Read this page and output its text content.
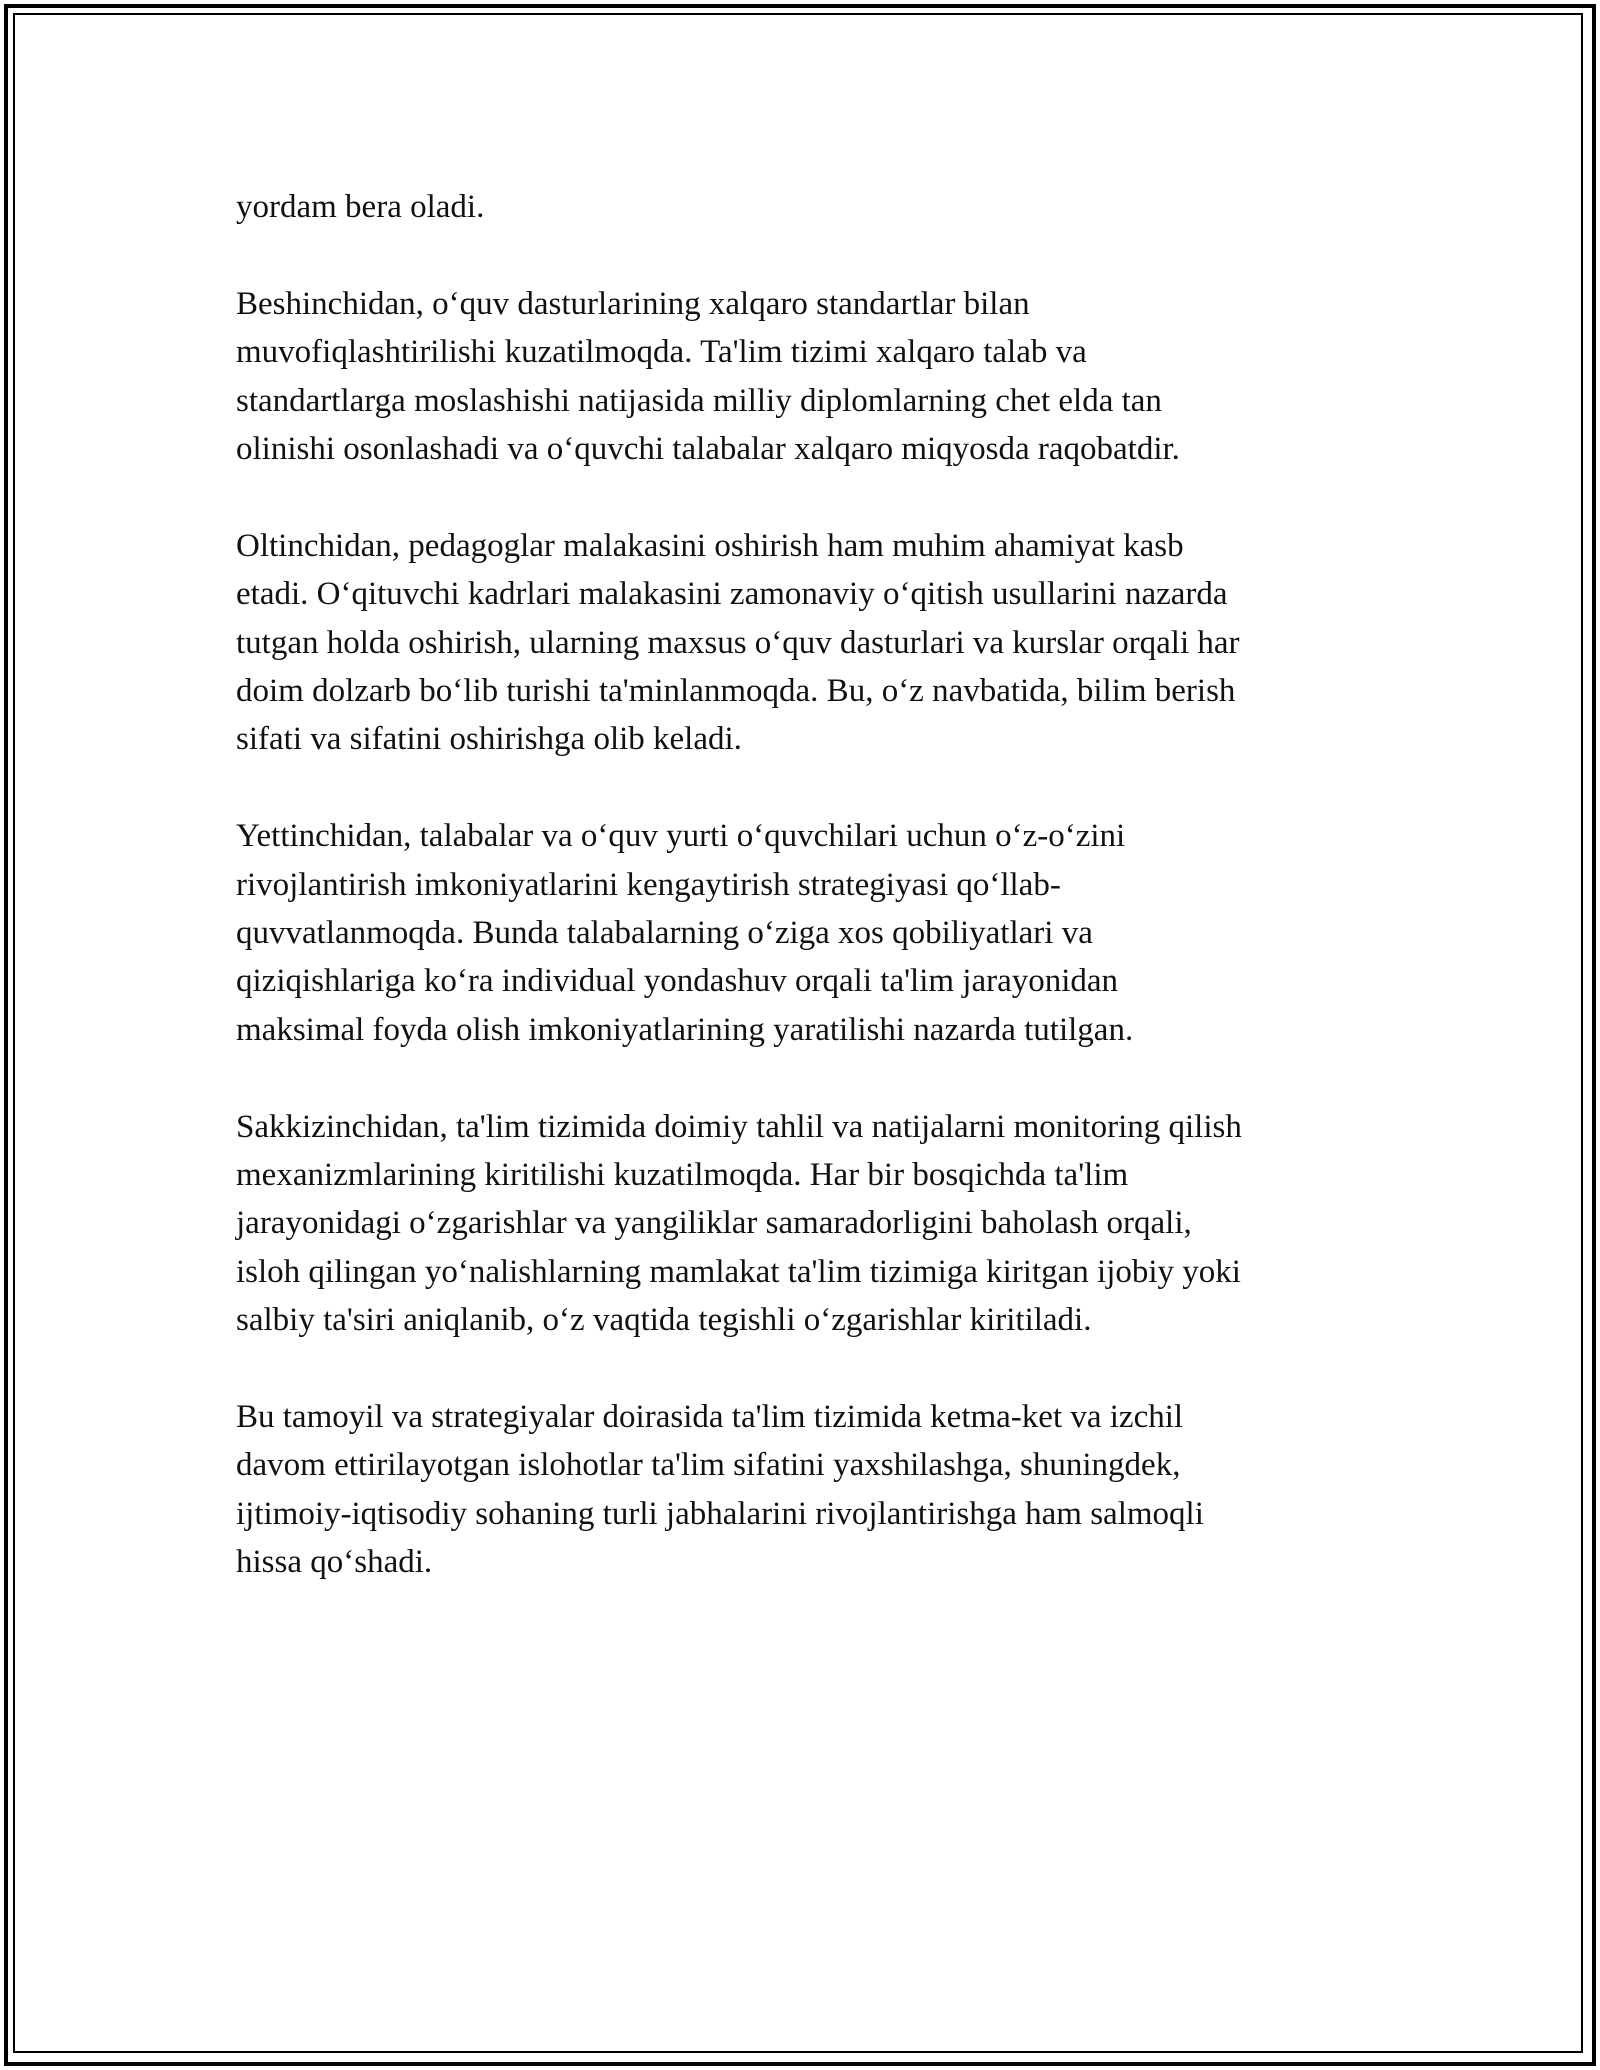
yordam bera oladi.

Beshinchidan, o‘quv dasturlarining xalqaro standartlar bilan
muvofiqlashtirilishi kuzatilmoqda. Ta'lim tizimi xalqaro talab va
standartlarga moslashishi natijasida milliy diplomlarning chet elda tan
olinishi osonlashadi va o‘quvchi talabalar xalqaro miqyosda raqobatdir.

Oltinchidan, pedagoglar malakasini oshirish ham muhim ahamiyat kasb
etadi. O‘qituvchi kadrlari malakasini zamonaviy o‘qitish usullarini nazarda
tutgan holda oshirish, ularning maxsus o‘quv dasturlari va kurslar orqali har
doim dolzarb bo‘lib turishi ta'minlanmoqda. Bu, o‘z navbatida, bilim berish
sifati va sifatini oshirishga olib keladi.

Yettinchidan, talabalar va o‘quv yurti o‘quvchilari uchun o‘z-o‘zini
rivojlantirish imkoniyatlarini kengaytirish strategiyasi qo‘llab-
quvvatlanmoqda. Bunda talabalarning o‘ziga xos qobiliyatlari va
qiziqishlariga ko‘ra individual yondashuv orqali ta'lim jarayonidan
maksimal foyda olish imkoniyatlarining yaratilishi nazarda tutilgan.

Sakkizinchidan, ta'lim tizimida doimiy tahlil va natijalarni monitoring qilish
mexanizmlarining kiritilishi kuzatilmoqda. Har bir bosqichda ta'lim
jarayonidagi o‘zgarishlar va yangiliklar samaradorligini baholash orqali,
isloh qilingan yo‘nalishlarning mamlakat ta'lim tizimiga kiritgan ijobiy yoki
salbiy ta'siri aniqlanib, o‘z vaqtida tegishli o‘zgarishlar kiritiladi.

Bu tamoyil va strategiyalar doirasida ta'lim tizimida ketma-ket va izchil
davom ettirilayotgan islohotlar ta'lim sifatini yaxshilashga, shuningdek,
ijtimoiy-iqtisodiy sohaning turli jabhalarini rivojlantirishga ham salmoqli
hissa qo‘shadi.
